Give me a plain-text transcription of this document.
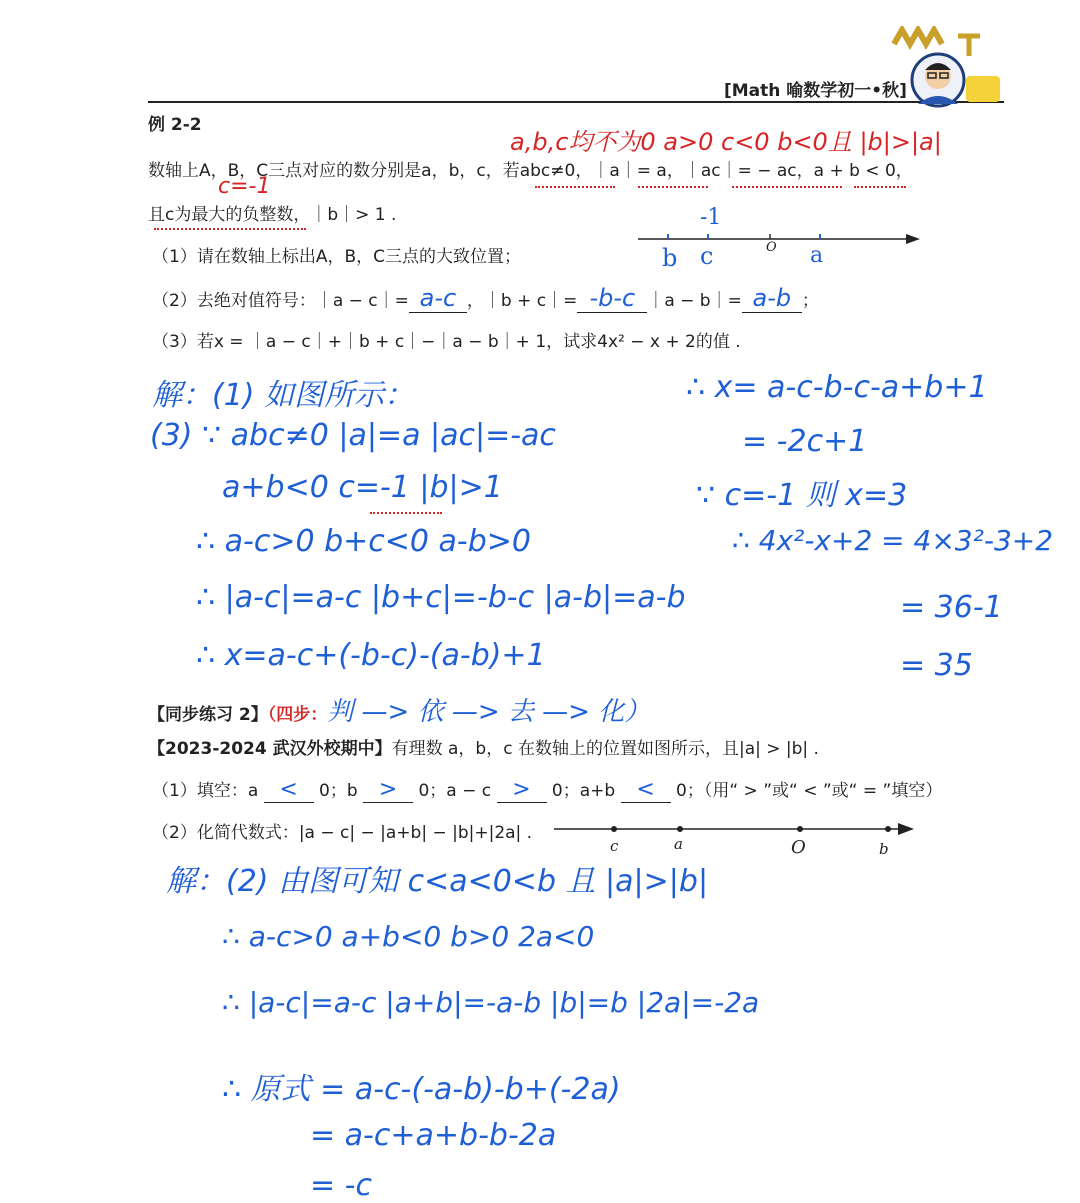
[Math 喻数学初一•秋]
例 2-2
a,b,c均不为0 a>0 c<0 b<0且 |b|>|a|
数轴上A，B，C三点对应的数分别是a，b，c，若abc≠0，｜a｜= a，｜ac｜= − ac，a + b < 0，
c=-1
且c为最大的负整数，｜b｜> 1 .
（1）请在数轴上标出A，B，C三点的大致位置；	O
-1
b c	a
（2）去绝对值符号：｜a − c｜= a-c ，｜b + c｜= -b-c ｜a − b｜= a-b ；
（3）若x = ｜a − c｜+｜b + c｜−｜a − b｜+ 1，试求4x² − x + 2的值 .
解：(1) 如图所示：
(3) ∵ abc≠0 |a|=a |ac|=-ac
a+b<0 c=-1 |b|>1
∴ a-c>0 b+c<0 a-b>0
∴ |a-c|=a-c |b+c|=-b-c |a-b|=a-b
∴ x=a-c+(-b-c)-(a-b)+1
∴ x= a-c-b-c-a+b+1
= -2c+1
∵ c=-1 则 x=3
∴ 4x²-x+2 = 4×3²-3+2
= 36-1
= 35
【同步练习 2】（四步：判 —> 依 —> 去 —> 化）
【2023-2024 武汉外校期中】有理数 a，b，c 在数轴上的位置如图所示，且|a| > |b| .
（1）填空：a < 0；b > 0；a − c > 0；a+b < 0；（用“ > ”或“ < ”或“ = ”填空）
（2）化简代数式：|a − c| − |a+b| − |b|+|2a| .
c	a	O	b
解：(2) 由图可知 c<a<0<b 且 |a|>|b|
∴ a-c>0 a+b<0 b>0 2a<0
∴ |a-c|=a-c |a+b|=-a-b |b|=b |2a|=-2a
∴ 原式 = a-c-(-a-b)-b+(-2a)
= a-c+a+b-b-2a
= -c
